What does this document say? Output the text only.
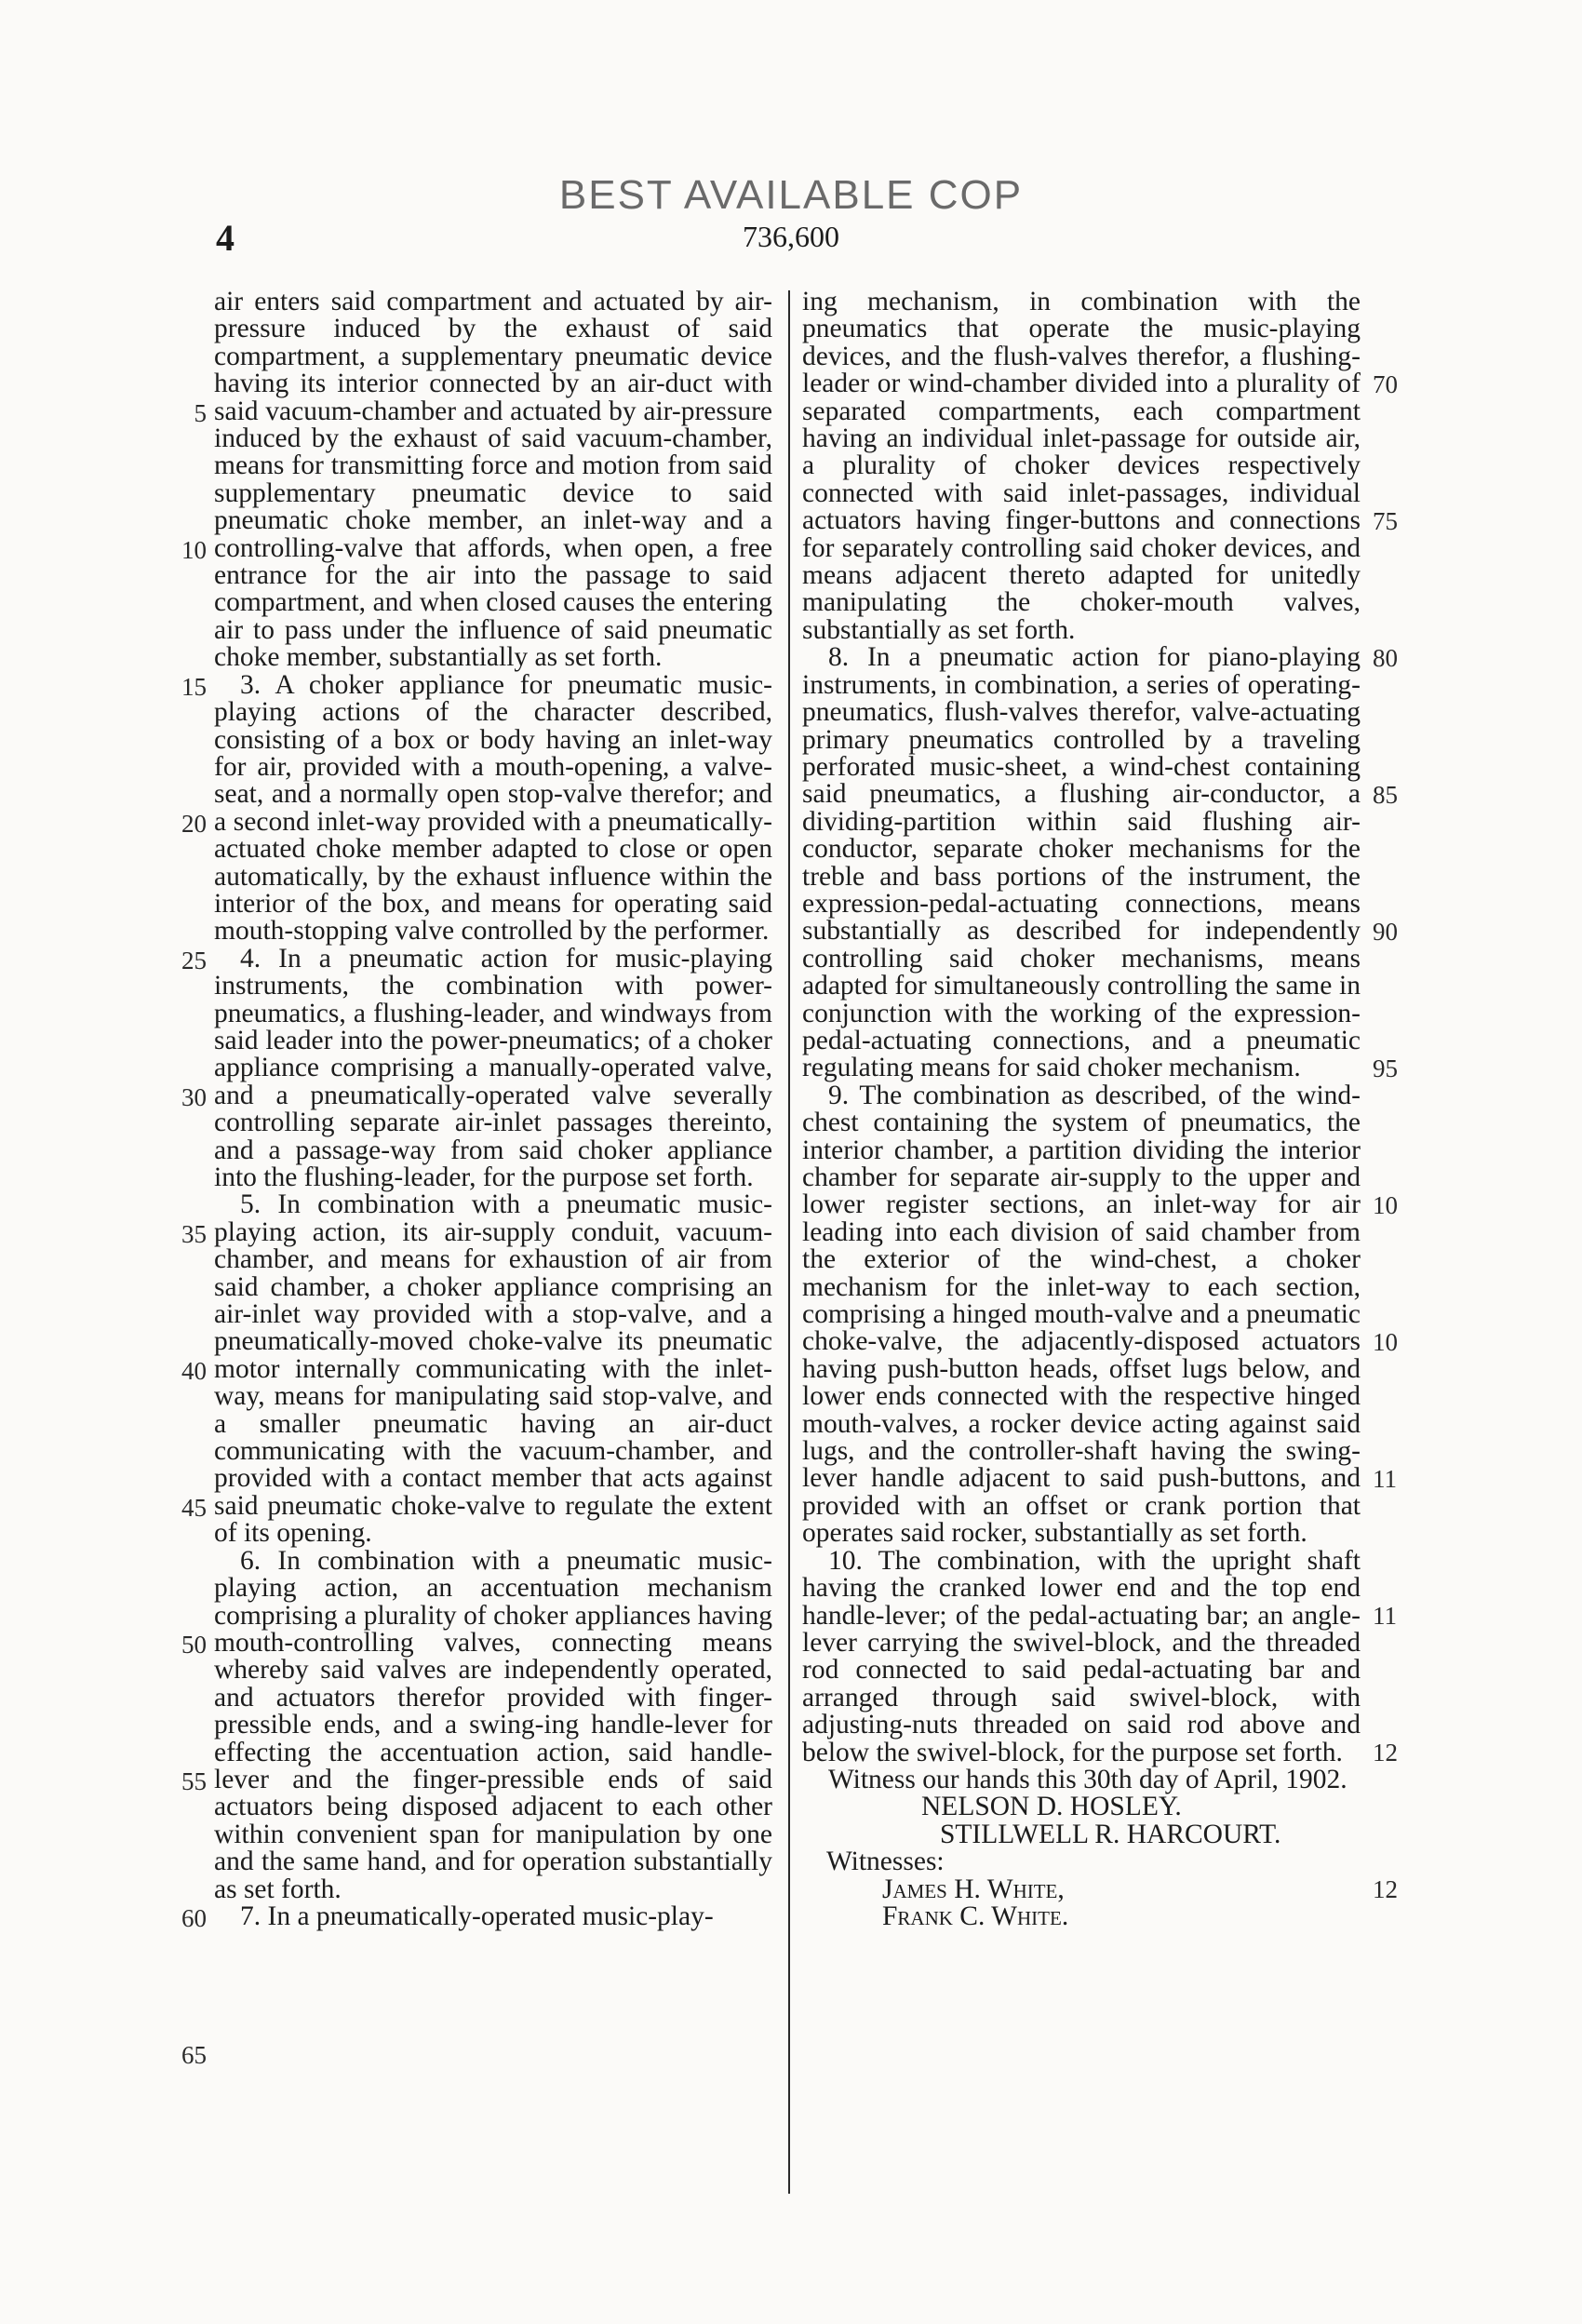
BEST AVAILABLE COP
4	736,600

air enters said compartment and actuated by air-pressure induced by the exhaust of said compartment, a supplementary pneumatic device having its interior connected by an air-duct with said vacuum-chamber and actuated by air-pressure induced by the exhaust of said vacuum-chamber, means for transmitting force and motion from said supplementary pneumatic device to said pneumatic choke member, an inlet-way and a controlling-valve that affords, when open, a free entrance for the air into the passage to said compartment, and when closed causes the entering air to pass under the influence of said pneumatic choke member, substantially as set forth.

3. A choker appliance for pneumatic music-playing actions of the character described, consisting of a box or body having an inlet-way for air, provided with a mouth-opening, a valve-seat, and a normally open stop-valve therefor; and a second inlet-way provided with a pneumatically-actuated choke member adapted to close or open automatically, by the exhaust influence within the interior of the box, and means for operating said mouth-stopping valve controlled by the performer.

4. In a pneumatic action for music-playing instruments, the combination with power-pneumatics, a flushing-leader, and windways from said leader into the power-pneumatics; of a choker appliance comprising a manually-operated valve, and a pneumatically-operated valve severally controlling separate air-inlet passages thereinto, and a passage-way from said choker appliance into the flushing-leader, for the purpose set forth.

5. In combination with a pneumatic music-playing action, its air-supply conduit, vacuum-chamber, and means for exhaustion of air from said chamber, a choker appliance comprising an air-inlet way provided with a stop-valve, and a pneumatically-moved choke-valve its pneumatic motor internally communicating with the inlet-way, means for manipulating said stop-valve, and a smaller pneumatic having an air-duct communicating with the vacuum-chamber, and provided with a contact member that acts against said pneumatic choke-valve to regulate the extent of its opening.

6. In combination with a pneumatic music-playing action, an accentuation mechanism comprising a plurality of choker appliances having mouth-controlling valves, connecting means whereby said valves are independently operated, and actuators therefor provided with finger-pressible ends, and a swing-ing handle-lever for effecting the accentuation action, said handle-lever and the finger-pressible ends of said actuators being disposed adjacent to each other within convenient span for manipulation by one and the same hand, and for operation substantially as set forth.

7. In a pneumatically-operated music-play-

ing mechanism, in combination with the pneumatics that operate the music-playing devices, and the flush-valves therefor, a flushing-leader or wind-chamber divided into a plurality of separated compartments, each compartment having an individual inlet-passage for outside air, a plurality of choker devices respectively connected with said inlet-passages, individual actuators having finger-buttons and connections for separately controlling said choker devices, and means adjacent thereto adapted for unitedly manipulating the choker-mouth valves, substantially as set forth.

8. In a pneumatic action for piano-playing instruments, in combination, a series of operating-pneumatics, flush-valves therefor, valve-actuating primary pneumatics controlled by a traveling perforated music-sheet, a wind-chest containing said pneumatics, a flushing air-conductor, a dividing-partition within said flushing air-conductor, separate choker mechanisms for the treble and bass portions of the instrument, the expression-pedal-actuating connections, means substantially as described for independently controlling said choker mechanisms, means adapted for simultaneously controlling the same in conjunction with the working of the expression-pedal-actuating connections, and a pneumatic regulating means for said choker mechanism.

9. The combination as described, of the wind-chest containing the system of pneumatics, the interior chamber, a partition dividing the interior chamber for separate air-supply to the upper and lower register sections, an inlet-way for air leading into each division of said chamber from the exterior of the wind-chest, a choker mechanism for the inlet-way to each section, comprising a hinged mouth-valve and a pneumatic choke-valve, the adjacently-disposed actuators having push-button heads, offset lugs below, and lower ends connected with the respective hinged mouth-valves, a rocker device acting against said lugs, and the controller-shaft having the swing-lever handle adjacent to said push-buttons, and provided with an offset or crank portion that operates said rocker, substantially as set forth.

10. The combination, with the upright shaft having the cranked lower end and the top end handle-lever; of the pedal-actuating bar; an angle-lever carrying the swivel-block, and the threaded rod connected to said pedal-actuating bar and arranged through said swivel-block, with adjusting-nuts threaded on said rod above and below the swivel-block, for the purpose set forth.

Witness our hands this 30th day of April, 1902.

NELSON D. HOSLEY.

STILLWELL R. HARCOURT.

Witnesses:

James H. White,

Frank C. White.

5
10
15
20
25
30
35
40
45
50
55
60
65
70
75
80
85
90
95
10
10
11
11
12
12
